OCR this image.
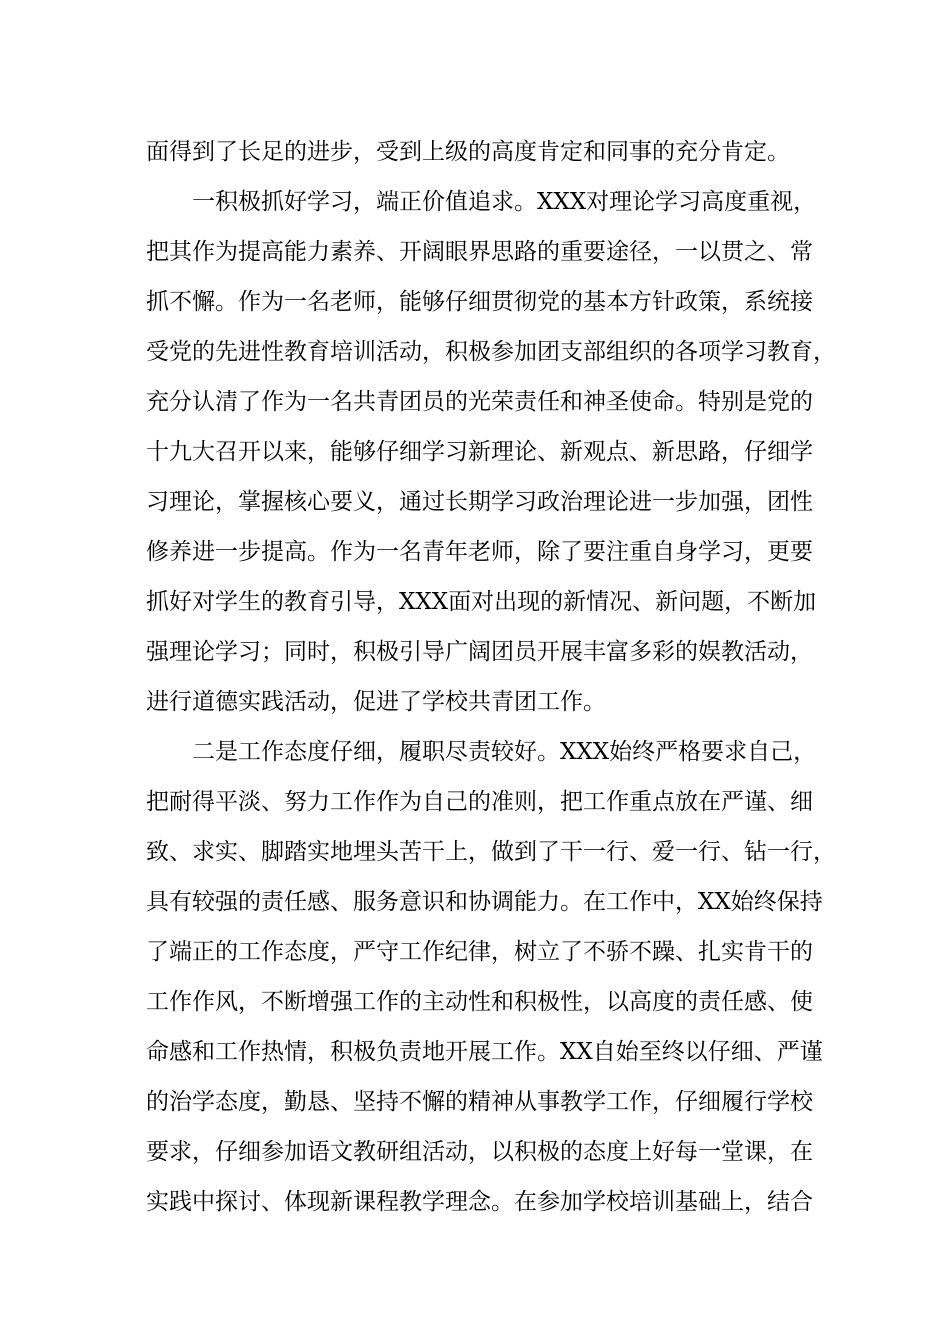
面得到了长足的进步，受到上级的高度肯定和同事的充分肯定。
一积极抓好学习，端正价值追求。XXX对理论学习高度重视，
把其作为提高能力素养、开阔眼界思路的重要途径，一以贯之、常
抓不懈。作为一名老师，能够仔细贯彻党的基本方针政策，系统接
受党的先进性教育培训活动，积极参加团支部组织的各项学习教育，
充分认清了作为一名共青团员的光荣责任和神圣使命。特别是党的
十九大召开以来，能够仔细学习新理论、新观点、新思路，仔细学
习理论，掌握核心要义，通过长期学习政治理论进一步加强，团性
修养进一步提高。作为一名青年老师，除了要注重自身学习，更要
抓好对学生的教育引导，XXX面对出现的新情况、新问题，不断加
强理论学习；同时，积极引导广阔团员开展丰富多彩的娱教活动，
进行道德实践活动，促进了学校共青团工作。
二是工作态度仔细，履职尽责较好。XXX始终严格要求自己，
把耐得平淡、努力工作作为自己的准则，把工作重点放在严谨、细
致、求实、脚踏实地埋头苦干上，做到了干一行、爱一行、钻一行，
具有较强的责任感、服务意识和协调能力。在工作中，XX始终保持
了端正的工作态度，严守工作纪律，树立了不骄不躁、扎实肯干的
工作作风，不断增强工作的主动性和积极性，以高度的责任感、使
命感和工作热情，积极负责地开展工作。XX自始至终以仔细、严谨
的治学态度，勤恳、坚持不懈的精神从事教学工作，仔细履行学校
要求，仔细参加语文教研组活动，以积极的态度上好每一堂课，在
实践中探讨、体现新课程教学理念。在参加学校培训基础上，结合
